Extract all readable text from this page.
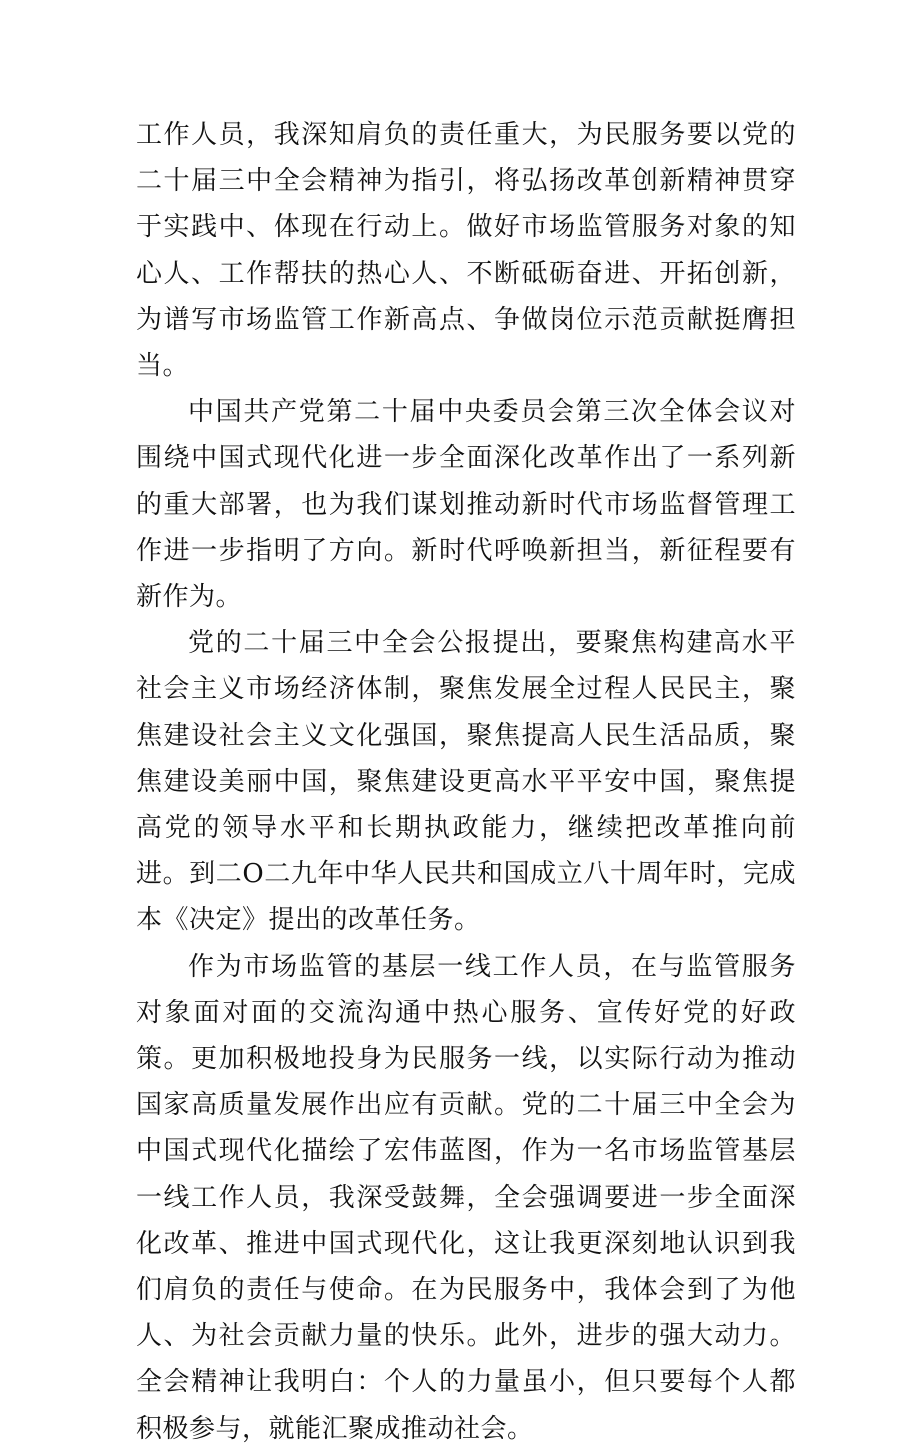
工作人员，我深知肩负的责任重大，为民服务要以党的二十届三中全会精神为指引，将弘扬改革创新精神贯穿于实践中、体现在行动上。做好市场监管服务对象的知心人、工作帮扶的热心人、不断砥砺奋进、开拓创新，为谱写市场监管工作新高点、争做岗位示范贡献挺膺担当。

中国共产党第二十届中央委员会第三次全体会议对围绕中国式现代化进一步全面深化改革作出了一系列新的重大部署，也为我们谋划推动新时代市场监督管理工作进一步指明了方向。新时代呼唤新担当，新征程要有新作为。

党的二十届三中全会公报提出，要聚焦构建高水平社会主义市场经济体制，聚焦发展全过程人民民主，聚焦建设社会主义文化强国，聚焦提高人民生活品质，聚焦建设美丽中国，聚焦建设更高水平平安中国，聚焦提高党的领导水平和长期执政能力，继续把改革推向前进。到二O二九年中华人民共和国成立八十周年时，完成本《决定》提出的改革任务。

作为市场监管的基层一线工作人员，在与监管服务对象面对面的交流沟通中热心服务、宣传好党的好政策。更加积极地投身为民服务一线，以实际行动为推动国家高质量发展作出应有贡献。党的二十届三中全会为中国式现代化描绘了宏伟蓝图，作为一名市场监管基层一线工作人员，我深受鼓舞，全会强调要进一步全面深化改革、推进中国式现代化，这让我更深刻地认识到我们肩负的责任与使命。在为民服务中，我体会到了为他人、为社会贡献力量的快乐。此外，进步的强大动力。全会精神让我明白：个人的力量虽小，但只要每个人都积极参与，就能汇聚成推动社会。
